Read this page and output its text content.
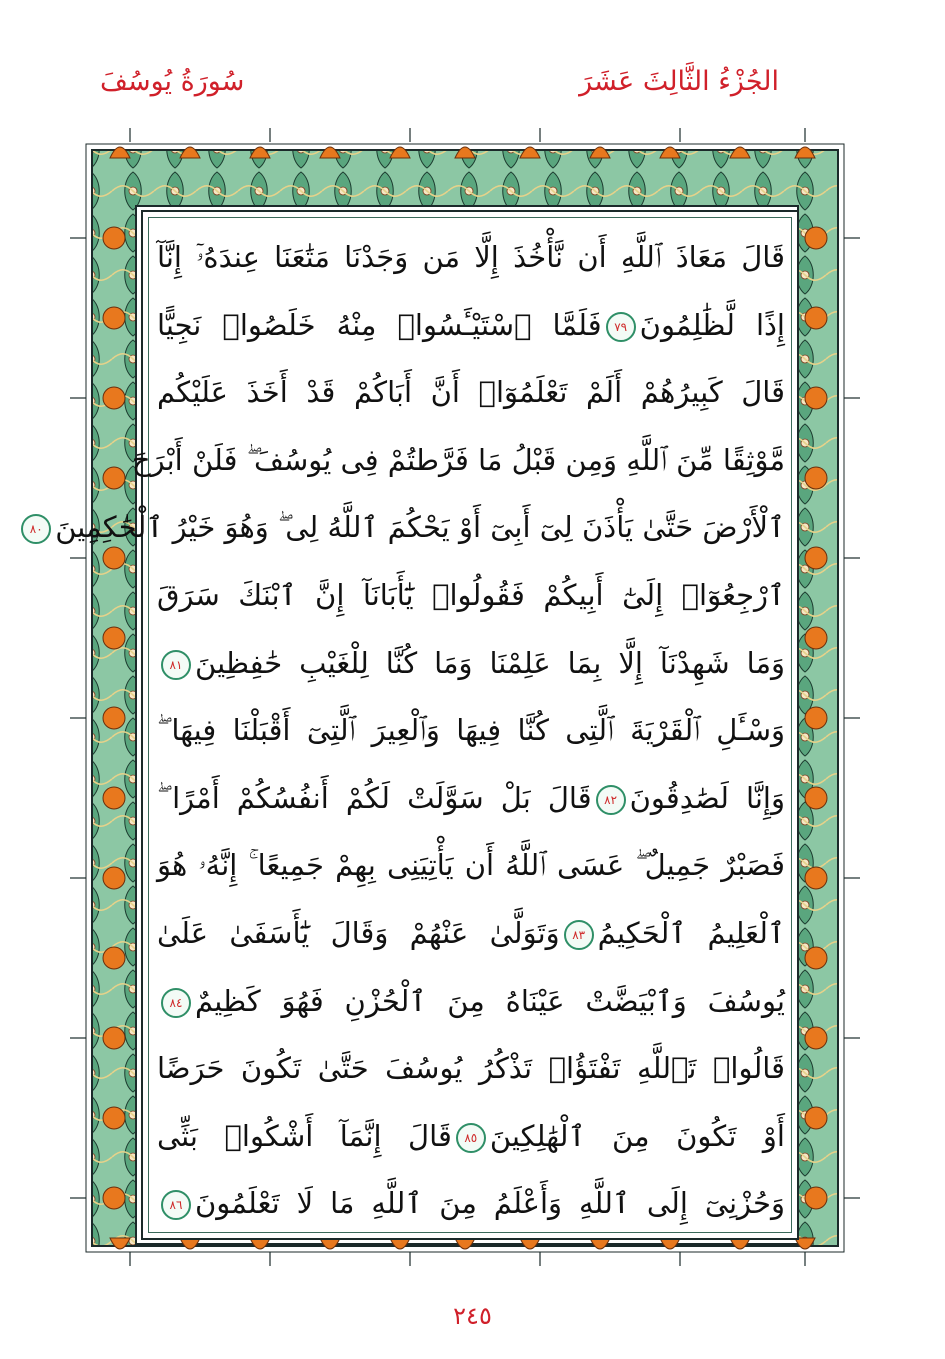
سُورَةُ يُوسُفَ	الجُزْءُ الثَّالِثَ عَشَرَ
قَالَ مَعَاذَ ٱللَّهِ أَن نَّأْخُذَ إِلَّا مَن وَجَدْنَا مَتَٰعَنَا عِندَهُۥٓ إِنَّآ
إِذًا لَّظَٰلِمُونَ٧٩فَلَمَّا ٱسْتَيْـَٔسُوا۟ مِنْهُ خَلَصُوا۟ نَجِيًّا
قَالَ كَبِيرُهُمْ أَلَمْ تَعْلَمُوٓا۟ أَنَّ أَبَاكُمْ قَدْ أَخَذَ عَلَيْكُم
مَّوْثِقًا مِّنَ ٱللَّهِ وَمِن قَبْلُ مَا فَرَّطتُمْ فِى يُوسُفَ ۖ فَلَنْ أَبْرَحَ
ٱلْأَرْضَ حَتَّىٰ يَأْذَنَ لِىٓ أَبِىٓ أَوْ يَحْكُمَ ٱللَّهُ لِى ۖ وَهُوَ خَيْرُ ٱلْحَٰكِمِينَ٨٠
ٱرْجِعُوٓا۟ إِلَىٰٓ أَبِيكُمْ فَقُولُوا۟ يَٰٓأَبَانَآ إِنَّ ٱبْنَكَ سَرَقَ
وَمَا شَهِدْنَآ إِلَّا بِمَا عَلِمْنَا وَمَا كُنَّا لِلْغَيْبِ حَٰفِظِينَ٨١
وَسْـَٔلِ ٱلْقَرْيَةَ ٱلَّتِى كُنَّا فِيهَا وَٱلْعِيرَ ٱلَّتِىٓ أَقْبَلْنَا فِيهَا ۖ
وَإِنَّا لَصَٰدِقُونَ٨٢قَالَ بَلْ سَوَّلَتْ لَكُمْ أَنفُسُكُمْ أَمْرًا ۖ
فَصَبْرٌ جَمِيلٌ ۖ عَسَى ٱللَّهُ أَن يَأْتِيَنِى بِهِمْ جَمِيعًا ۚ إِنَّهُۥ هُوَ
ٱلْعَلِيمُ ٱلْحَكِيمُ٨٣وَتَوَلَّىٰ عَنْهُمْ وَقَالَ يَٰٓأَسَفَىٰ عَلَىٰ
يُوسُفَ وَٱبْيَضَّتْ عَيْنَاهُ مِنَ ٱلْحُزْنِ فَهُوَ كَظِيمٌ٨٤
قَالُوا۟ تَٱللَّهِ تَفْتَؤُا۟ تَذْكُرُ يُوسُفَ حَتَّىٰ تَكُونَ حَرَضًا
أَوْ تَكُونَ مِنَ ٱلْهَٰلِكِينَ٨٥قَالَ إِنَّمَآ أَشْكُوا۟ بَثِّى
وَحُزْنِىٓ إِلَى ٱللَّهِ وَأَعْلَمُ مِنَ ٱللَّهِ مَا لَا تَعْلَمُونَ٨٦
٢٤٥
